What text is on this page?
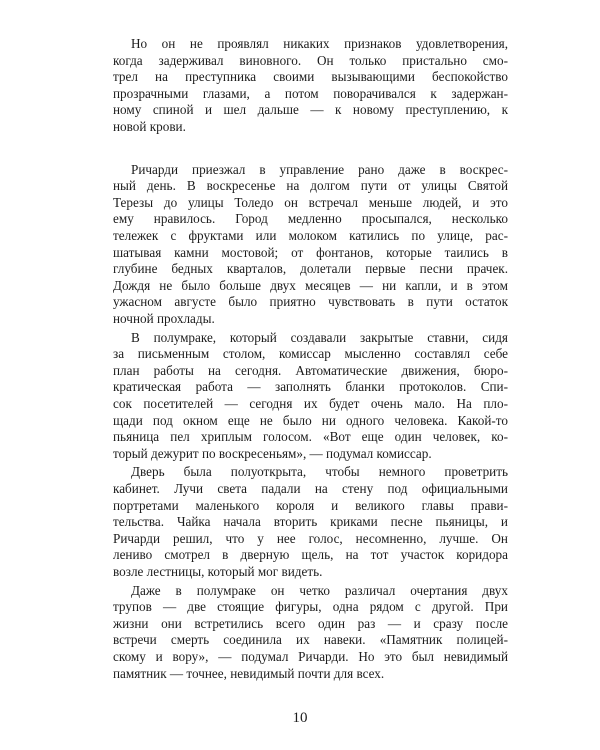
Но он не проявлял никаких признаков удовлетворения,
когда задерживал виновного. Он только пристально смо-
трел на преступника своими вызывающими беспокойство
прозрачными глазами, а потом поворачивался к задержан-
ному спиной и шел дальше — к новому преступлению, к
новой крови.
Ричарди приезжал в управление рано даже в воскрес-
ный день. В воскресенье на долгом пути от улицы Святой
Терезы до улицы Толедо он встречал меньше людей, и это
ему нравилось. Город медленно просыпался, несколько
тележек с фруктами или молоком катились по улице, рас-
шатывая камни мостовой; от фонтанов, которые таились в
глубине бедных кварталов, долетали первые песни прачек.
Дождя не было больше двух месяцев — ни капли, и в этом
ужасном августе было приятно чувствовать в пути остаток
ночной прохлады.
В полумраке, который создавали закрытые ставни, сидя
за письменным столом, комиссар мысленно составлял себе
план работы на сегодня. Автоматические движения, бюро-
кратическая работа — заполнять бланки протоколов. Спи-
сок посетителей — сегодня их будет очень мало. На пло-
щади под окном еще не было ни одного человека. Какой-то
пьяница пел хриплым голосом. «Вот еще один человек, ко-
торый дежурит по воскресеньям», — подумал комиссар.
Дверь была полуоткрыта, чтобы немного проветрить
кабинет. Лучи света падали на стену под официальными
портретами маленького короля и великого главы прави-
тельства. Чайка начала вторить криками песне пьяницы, и
Ричарди решил, что у нее голос, несомненно, лучше. Он
лениво смотрел в дверную щель, на тот участок коридора
возле лестницы, который мог видеть.
Даже в полумраке он четко различал очертания двух
трупов — две стоящие фигуры, одна рядом с другой. При
жизни они встретились всего один раз — и сразу после
встречи смерть соединила их навеки. «Памятник полицей-
скому и вору», — подумал Ричарди. Но это был невидимый
памятник — точнее, невидимый почти для всех.
10
